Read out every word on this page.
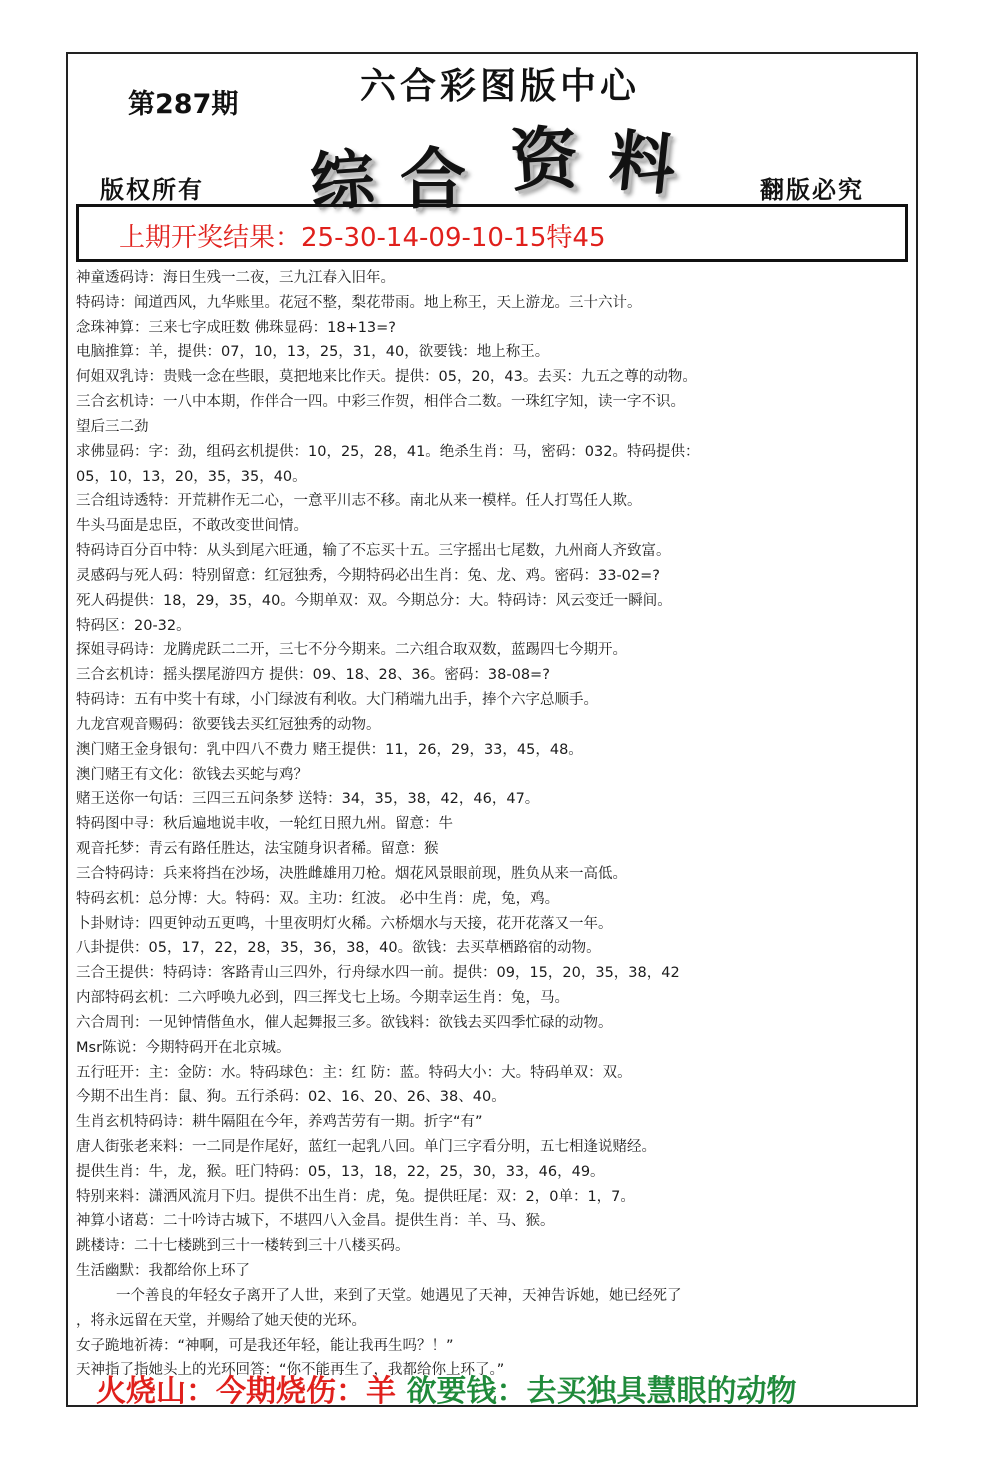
第287期	六合彩图版中心
综 合 资 料
版权所有	翻版必究
上期开奖结果：25-30-14-09-10-15特45
神童透码诗：海日生残一二夜，三九江春入旧年。
特码诗：闻道西风，九华账里。花冠不整，梨花带雨。地上称王，天上游龙。三十六计。
念珠神算：三来七字成旺数 佛珠显码：18+13=?
电脑推算：羊，提供：07，10，13，25，31，40，欲要钱：地上称王。
何姐双乳诗：贵贱一念在些眼，莫把地来比作天。提供：05，20，43。去买：九五之尊的动物。
三合玄机诗：一八中本期，作伴合一四。中彩三作贺，相伴合二数。一珠红字知，读一字不识。
望后三二劲
求佛显码：字：劲，组码玄机提供：10，25，28，41。绝杀生肖：马，密码：032。特码提供：
05，10，13，20，35，35，40。
三合组诗透特：开荒耕作无二心，一意平川志不移。南北从来一模样。任人打骂任人欺。
牛头马面是忠臣，不敢改变世间情。
特码诗百分百中特：从头到尾六旺通，输了不忘买十五。三字摇出七尾数，九州商人齐致富。
灵感码与死人码：特别留意：红冠独秀，今期特码必出生肖：兔、龙、鸡。密码：33-02=?
死人码提供：18，29，35，40。今期单双：双。今期总分：大。特码诗：风云变迁一瞬间。
特码区：20-32。
探姐寻码诗：龙腾虎跃二二开，三七不分今期来。二六组合取双数，蓝踢四七今期开。
三合玄机诗：摇头摆尾游四方 提供：09、18、28、36。密码：38-08=?
特码诗：五有中奖十有球，小门绿波有利收。大门稍端九出手，捧个六字总顺手。
九龙宫观音赐码：欲要钱去买红冠独秀的动物。
澳门赌王金身银句：乳中四八不费力 赌王提供：11，26，29，33，45，48。
澳门赌王有文化：欲钱去买蛇与鸡？
赌王送你一句话：三四三五问条梦 送特：34，35，38，42，46，47。
特码图中寻：秋后遍地说丰收，一轮红日照九州。留意：牛
观音托梦：青云有路任胜达，法宝随身识者稀。留意：猴
三合特码诗：兵来将挡在沙场，决胜雌雄用刀枪。烟花风景眼前现，胜负从来一高低。
特码玄机：总分博：大。特码：双。主功：红波。 必中生肖：虎，兔，鸡。
卜卦财诗：四更钟动五更鸣，十里夜明灯火稀。六桥烟水与天接，花开花落又一年。
八卦提供：05，17，22，28，35，36，38，40。欲钱：去买草栖路宿的动物。
三合王提供：特码诗：客路青山三四外，行舟绿水四一前。提供：09，15，20，35，38，42
内部特码玄机：二六呼唤九必到，四三挥戈七上场。今期幸运生肖：兔，马。
六合周刊：一见钟情偕鱼水，催人起舞报三多。欲钱料：欲钱去买四季忙碌的动物。
Msr陈说：今期特码开在北京城。
五行旺开：主：金防：水。特码球色：主：红 防：蓝。特码大小：大。特码单双：双。
今期不出生肖：鼠、狗。五行杀码：02、16、20、26、38、40。
生肖玄机特码诗：耕牛隔阻在今年，养鸡苦劳有一期。折字“有”
唐人街张老来料：一二同是作尾好，蓝红一起乳八回。单门三字看分明，五七相逢说赌经。
提供生肖：牛，龙，猴。旺门特码：05，13，18，22，25，30，33，46，49。
特别来料：潇洒风流月下归。提供不出生肖：虎，兔。提供旺尾：双：2，0单：1，7。
神算小诸葛：二十吟诗古城下，不堪四八入金昌。提供生肖：羊、马、猴。
跳楼诗：二十七楼跳到三十一楼转到三十八楼买码。
生活幽默：我都给你上环了
一个善良的年轻女子离开了人世，来到了天堂。她遇见了天神，天神告诉她，她已经死了
，将永远留在天堂，并赐给了她天使的光环。
女子跪地祈祷：“神啊，可是我还年轻，能让我再生吗？！”
天神指了指她头上的光环回答：“你不能再生了，我都给你上环了。”
火烧山：今期烧伤：羊 欲要钱：去买独具慧眼的动物
